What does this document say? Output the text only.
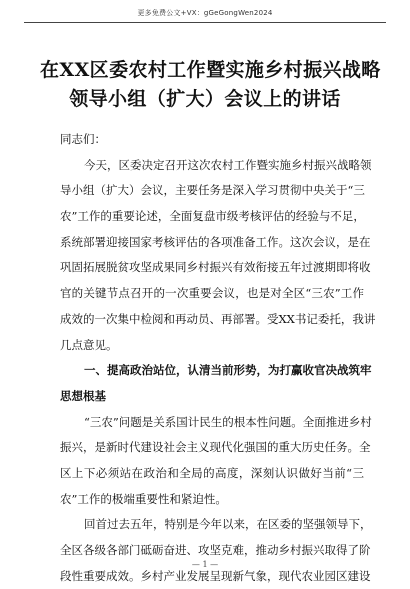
更多免费公文+VX：gGeGongWen2024
在XX区委农村工作暨实施乡村振兴战略
领导小组（扩大）会议上的讲话
同志们：
今天，区委决定召开这次农村工作暨实施乡村振兴战略领
导小组（扩大）会议，主要任务是深入学习贯彻中央关于“三
农”工作的重要论述，全面复盘市级考核评估的经验与不足，
系统部署迎接国家考核评估的各项准备工作。这次会议，是在
巩固拓展脱贫攻坚成果同乡村振兴有效衔接五年过渡期即将收
官的关键节点召开的一次重要会议，也是对全区“三农”工作
成效的一次集中检阅和再动员、再部署。受XX书记委托，我讲
几点意见。
一、提高政治站位，认清当前形势，为打赢收官决战筑牢
思想根基
“三农”问题是关系国计民生的根本性问题。全面推进乡村
振兴，是新时代建设社会主义现代化强国的重大历史任务。全
区上下必须站在政治和全局的高度，深刻认识做好当前“三
农”工作的极端重要性和紧迫性。
回首过去五年，特别是今年以来，在区委的坚强领导下，
全区各级各部门砥砺奋进、攻坚克难，推动乡村振兴取得了阶
段性重要成效。乡村产业发展呈现新气象，现代农业园区建设
— 1 —
